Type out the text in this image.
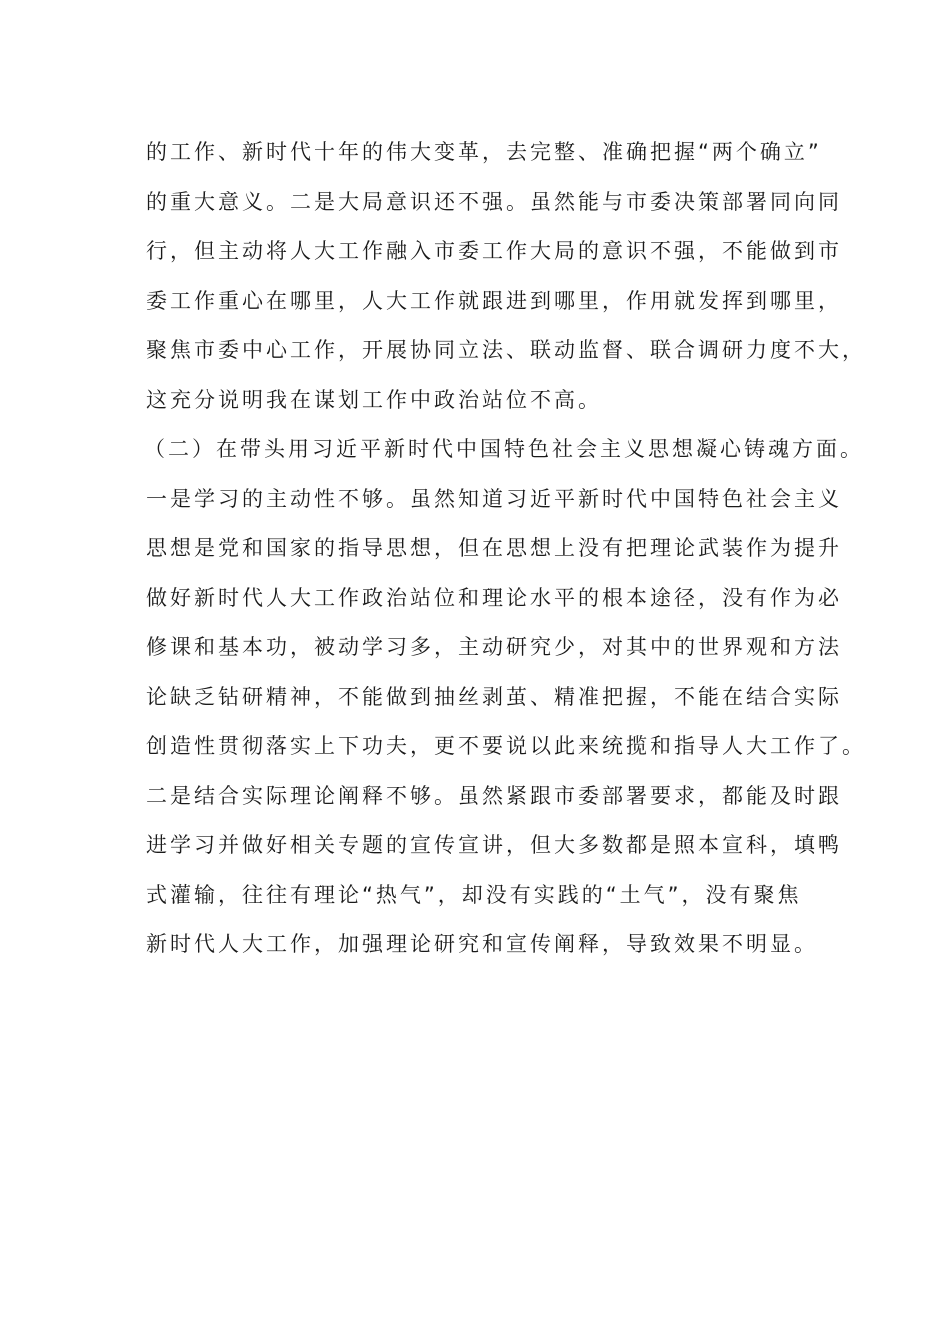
的工作、新时代十年的伟大变革，去完整、准确把握“两个确立”
的重大意义。二是大局意识还不强。虽然能与市委决策部署同向同
行，但主动将人大工作融入市委工作大局的意识不强，不能做到市
委工作重心在哪里，人大工作就跟进到哪里，作用就发挥到哪里，
聚焦市委中心工作，开展协同立法、联动监督、联合调研力度不大，
这充分说明我在谋划工作中政治站位不高。
（二）在带头用习近平新时代中国特色社会主义思想凝心铸魂方面。
一是学习的主动性不够。虽然知道习近平新时代中国特色社会主义
思想是党和国家的指导思想，但在思想上没有把理论武装作为提升
做好新时代人大工作政治站位和理论水平的根本途径，没有作为必
修课和基本功，被动学习多，主动研究少，对其中的世界观和方法
论缺乏钻研精神，不能做到抽丝剥茧、精准把握，不能在结合实际
创造性贯彻落实上下功夫，更不要说以此来统揽和指导人大工作了。
二是结合实际理论阐释不够。虽然紧跟市委部署要求，都能及时跟
进学习并做好相关专题的宣传宣讲，但大多数都是照本宣科，填鸭
式灌输，往往有理论“热气”，却没有实践的“土气”，没有聚焦
新时代人大工作，加强理论研究和宣传阐释，导致效果不明显。
